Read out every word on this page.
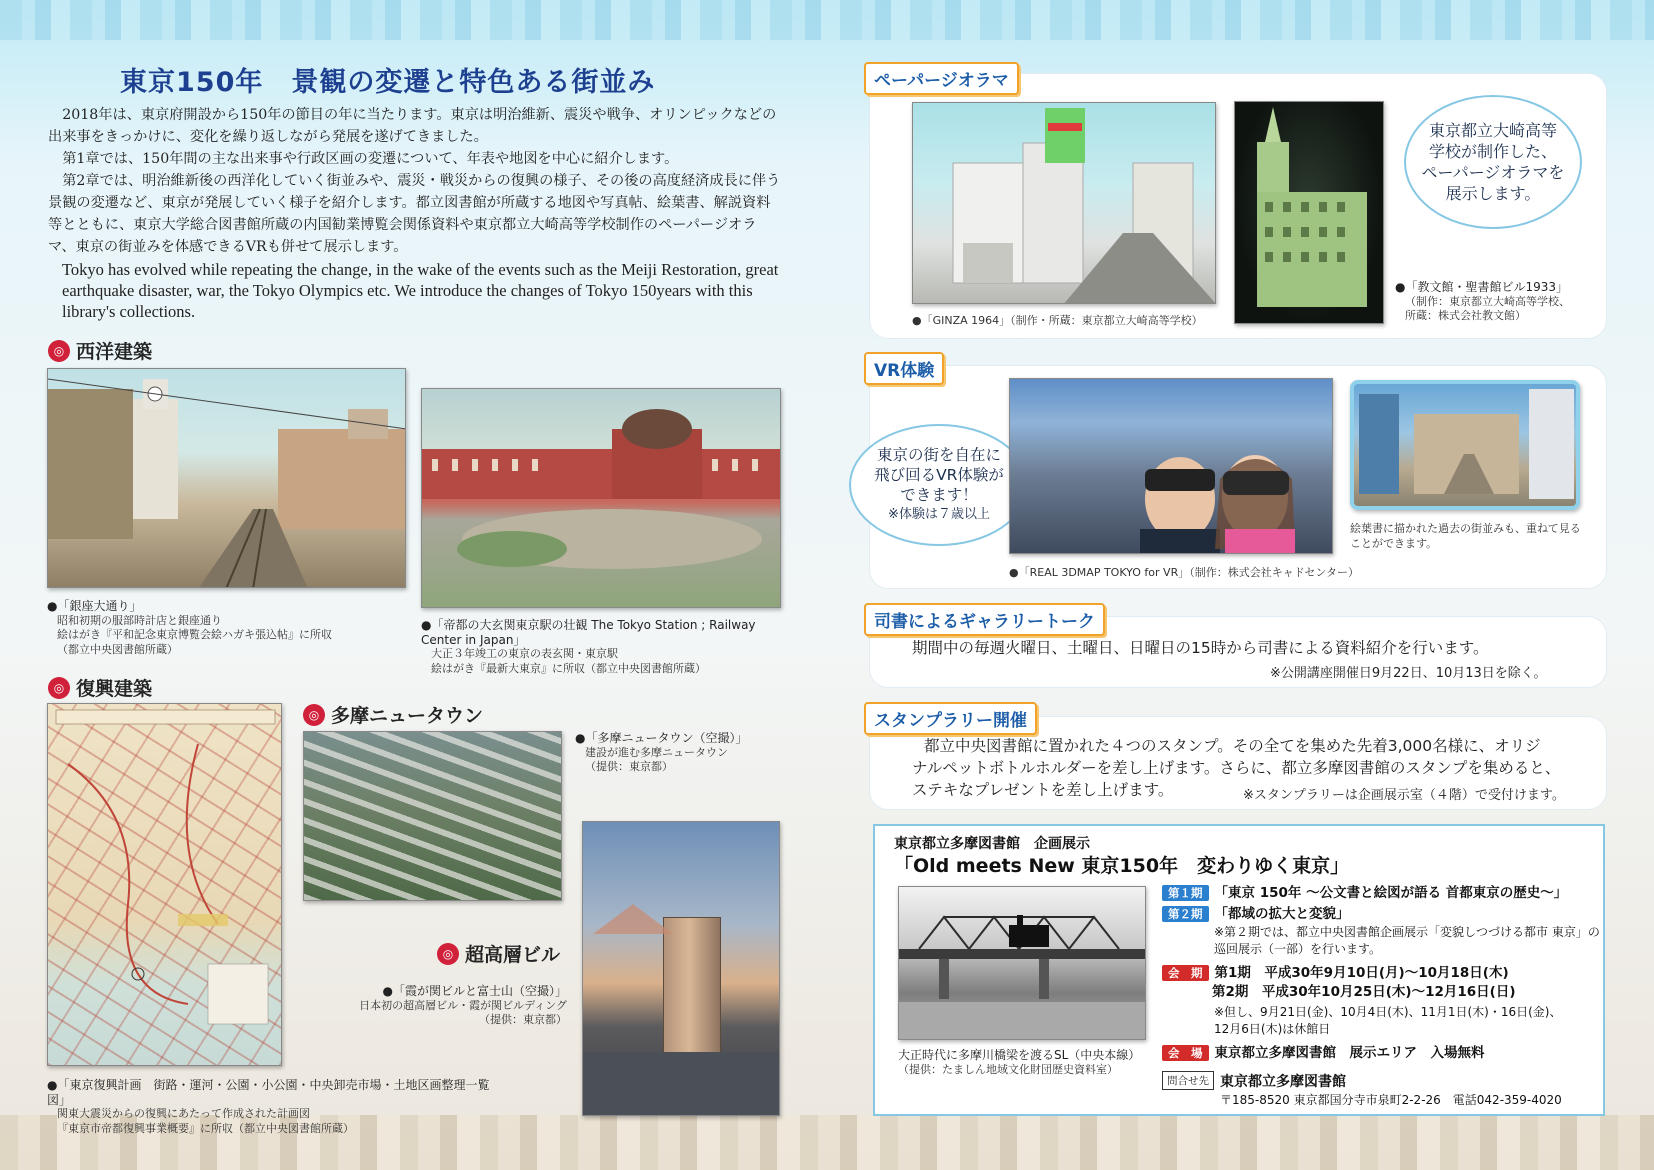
東京150年　景観の変遷と特色ある街並み

2018年は、東京府開設から150年の節目の年に当たります。東京は明治維新、震災や戦争、オリンピックなどの出来事をきっかけに、変化を繰り返しながら発展を遂げてきました。

第1章では、150年間の主な出来事や行政区画の変遷について、年表や地図を中心に紹介します。

第2章では、明治維新後の西洋化していく街並みや、震災・戦災からの復興の様子、その後の高度経済成長に伴う景観の変遷など、東京が発展していく様子を紹介します。都立図書館が所蔵する地図や写真帖、絵葉書、解説資料等とともに、東京大学総合図書館所蔵の内国勧業博覧会関係資料や東京都立大崎高等学校制作のペーパージオラマ、東京の街並みを体感できるVRも併せて展示します。

Tokyo has evolved while repeating the change, in the wake of the events such as the Meiji Restoration, great earthquake disaster, war, the Tokyo Olympics etc. We introduce the changes of Tokyo 150years with this library's collections.

◎ 西洋建築
●「銀座大通り」
昭和初期の服部時計店と銀座通り
絵はがき『平和記念東京博覧会絵ハガキ張込帖』に所収
（都立中央図書館所蔵）
●「帝都の大玄関東京駅の壮観 The Tokyo Station ; Railway Center in Japan」
大正３年竣工の東京の表玄関・東京駅
絵はがき『最新大東京』に所収（都立中央図書館所蔵）
◎ 復興建築
●「東京復興計画　街路・運河・公園・小公園・中央卸売市場・土地区画整理一覧図」
関東大震災からの復興にあたって作成された計画図
『東京市帝都復興事業概要』に所収（都立中央図書館所蔵）
◎ 多摩ニュータウン
●「多摩ニュータウン（空撮）」
建設が進む多摩ニュータウン
（提供：東京都）
◎ 超高層ビル
●「霞が関ビルと富士山（空撮）」
日本初の超高層ビル・霞が関ビルディング
（提供：東京都）
ペーパージオラマ
●「GINZA 1964」（制作・所蔵：東京都立大崎高等学校）
東京都立大崎高等
学校が制作した、
ペーパージオラマを
展示します。
●「教文館・聖書館ビル1933」
（制作：東京都立大崎高等学校、
所蔵：株式会社教文館）
VR体験
東京の街を自在に
飛び回るVR体験が
できます！
※体験は７歳以上
●「REAL 3DMAP TOKYO for VR」（制作：株式会社キャドセンター）
絵葉書に描かれた過去の街並みも、重ねて見る
ことができます。
司書によるギャラリートーク
期間中の毎週火曜日、土曜日、日曜日の15時から司書による資料紹介を行います。
※公開講座開催日9月22日、10月13日を除く。
スタンプラリー開催
都立中央図書館に置かれた４つのスタンプ。その全てを集めた先着3,000名様に、オリジ
ナルペットボトルホルダーを差し上げます。さらに、都立多摩図書館のスタンプを集めると、
ステキなプレゼントを差し上げます。	※スタンプラリーは企画展示室（４階）で受付けます。
東京都立多摩図書館　企画展示
「Old meets New 東京150年　変わりゆく東京」
大正時代に多摩川橋梁を渡るSL（中央本線）
（提供：たましん地域文化財団歴史資料室）
第１期 「東京 150年 ～公文書と絵図が語る 首都東京の歴史～」
第２期 「都域の拡大と変貌」
※第２期では、都立中央図書館企画展示「変貌しつづける都市 東京」の
巡回展示（一部）を行います。
会　期 第1期　平成30年9月10日(月)～10月18日(木)
第2期　平成30年10月25日(木)～12月16日(日)
※但し、9月21日(金)、10月4日(木)、11月1日(木)・16日(金)、
12月6日(木)は休館日
会　場 東京都立多摩図書館　展示エリア　入場無料
問合せ先 東京都立多摩図書館
〒185-8520 東京都国分寺市泉町2-2-26　電話042-359-4020
